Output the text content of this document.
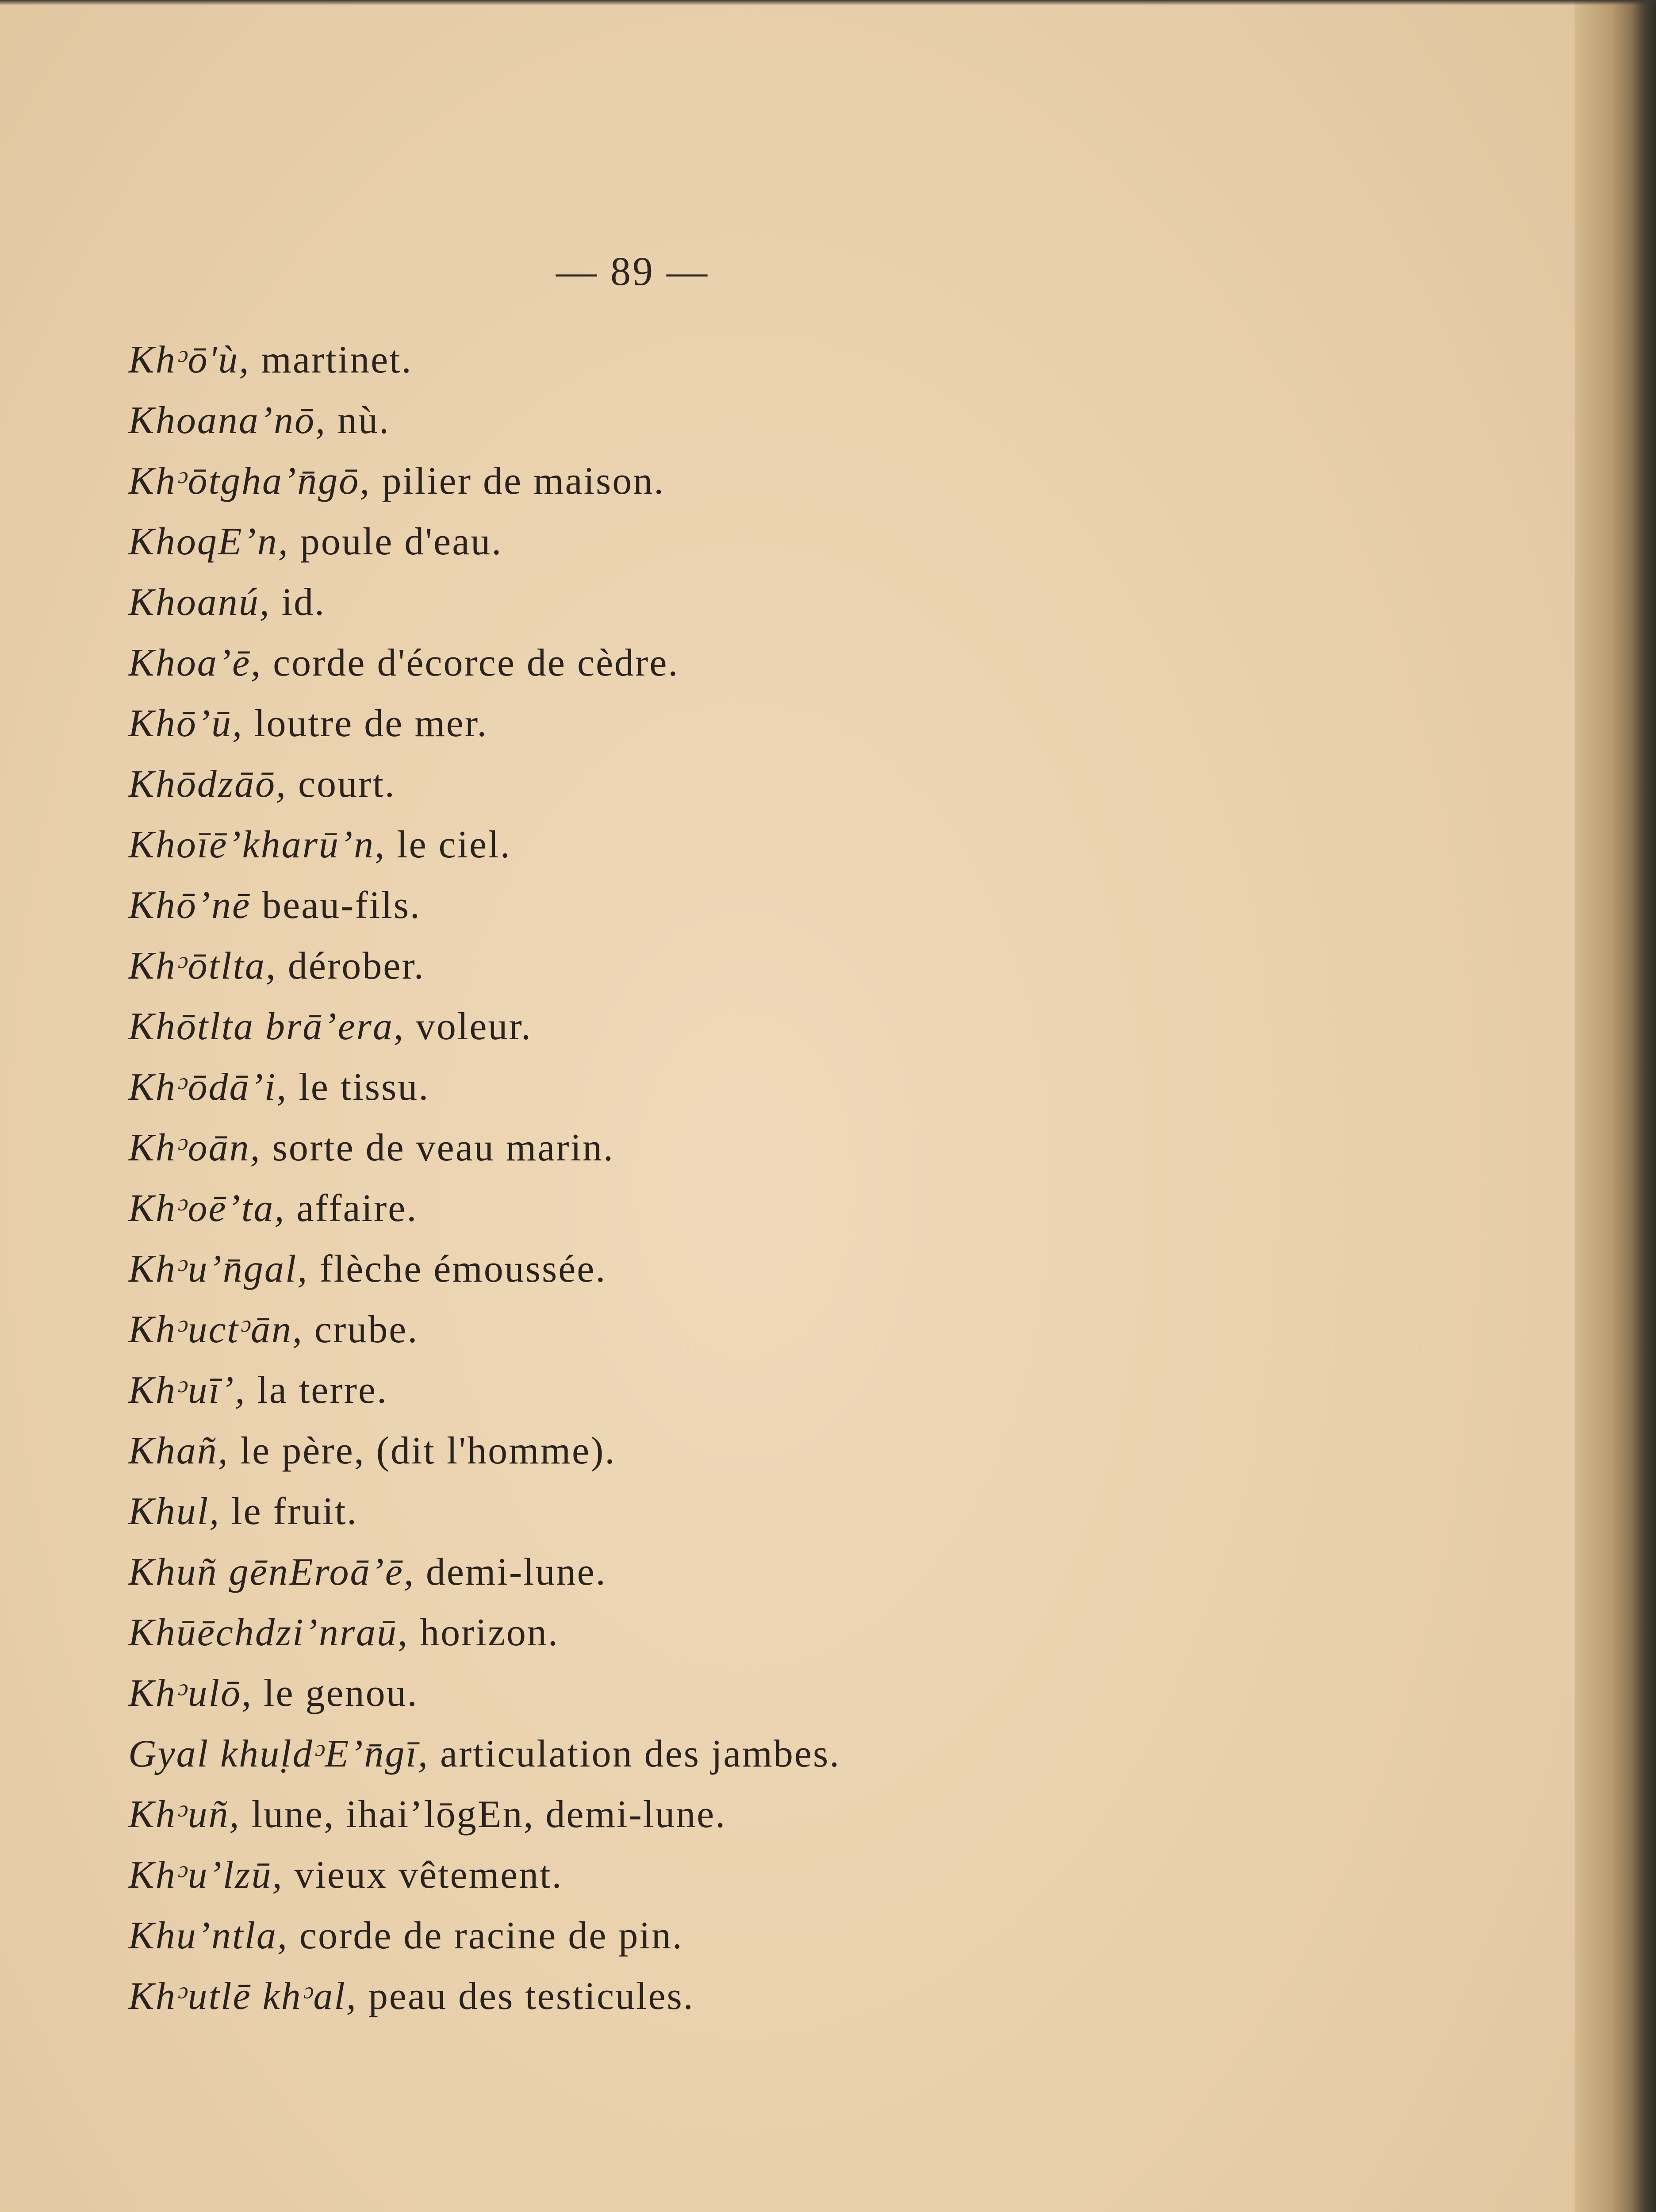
— 89 —
Khᵓō'ù, martinet.
Khoanaʼnō, nù.
Khᵓōtghaʼn̄gō, pilier de maison.
KhoqEʼn, poule d'eau.
Khoanú, id.
Khoaʼē, corde d'écorce de cèdre.
Khōʼū, loutre de mer.
Khōdzāō, court.
Khoīēʼkharūʼn, le ciel.
Khōʼnē beau-fils.
Khᵓōtlta, dérober.
Khōtlta brāʼera, voleur.
Khᵓōdāʼi, le tissu.
Khᵓoān, sorte de veau marin.
Khᵓoēʼta, affaire.
Khᵓuʼn̄gal, flèche émoussée.
Khᵓuctᵓān, crube.
Khᵓuīʼ, la terre.
Khañ, le père, (dit l'homme).
Khul, le fruit.
Khuñ gēnEroāʼē, demi-lune.
Khūēchdziʼnraū, horizon.
Khᵓulō, le genou.
Gyal khuḷdᵓEʼn̄gī, articulation des jambes.
Khᵓuñ, lune, ihaiʼlōgEn, demi-lune.
Khᵓuʼlzū, vieux vêtement.
Khuʼntla, corde de racine de pin.
Khᵓutlē khᵓal, peau des testicules.
